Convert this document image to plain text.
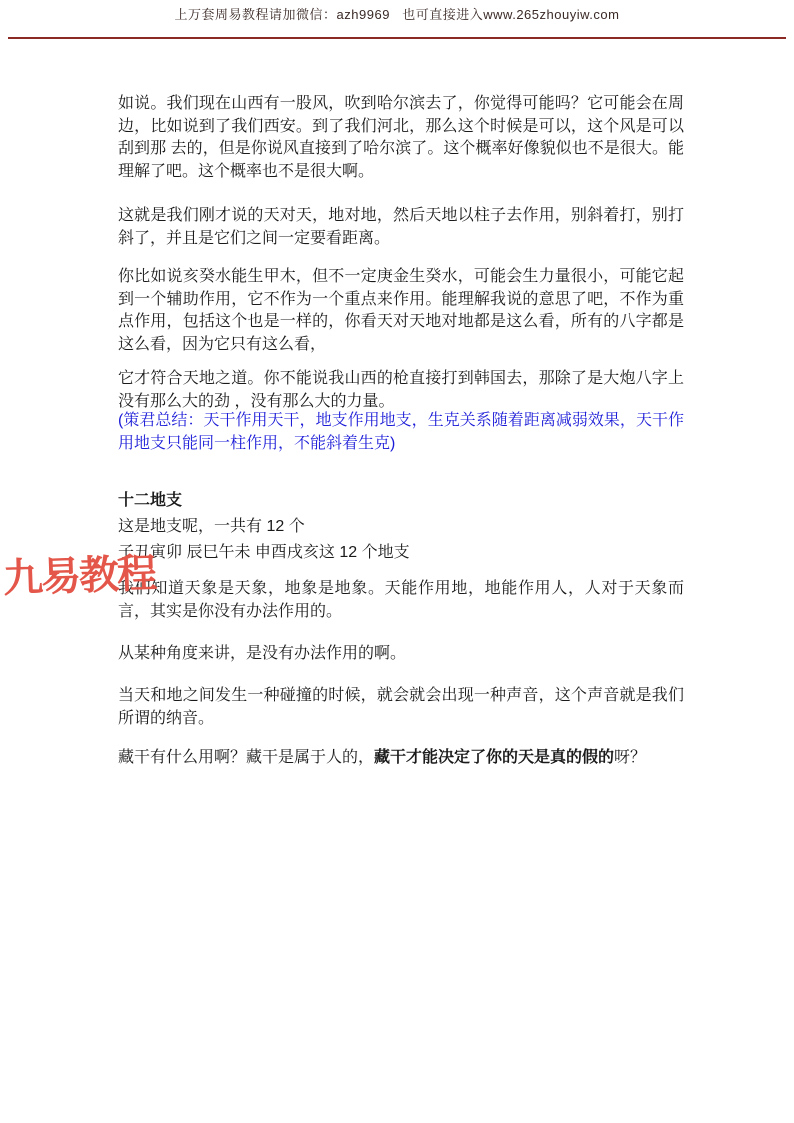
上万套周易教程请加微信：azh9969   也可直接进入www.265zhouyiw.com
如说。我们现在山西有一股风，吹到哈尔滨去了，你觉得可能吗？它可能会在周边，比如说到了我们西安。到了我们河北，那么这个时候是可以，这个风是可以刮到那 去的，但是你说风直接到了哈尔滨了。这个概率好像貌似也不是很大。能理解了吧。这个概率也不是很大啊。
这就是我们刚才说的天对天，地对地，然后天地以柱子去作用，别斜着打，别打斜了，并且是它们之间一定要看距离。
你比如说亥癸水能生甲木，但不一定庚金生癸水，可能会生力量很小，可能它起到一个辅助作用，它不作为一个重点来作用。能理解我说的意思了吧，不作为重点作用，包括这个也是一样的，你看天对天地对地都是这么看，所有的八字都是这么看，因为它只有这么看，
它才符合天地之道。你不能说我山西的枪直接打到韩国去，那除了是大炮八字上没有那么大的劲 ，没有那么大的力量。
(策君总结：天干作用天干，地支作用地支，生克关系随着距离减弱效果，天干作用地支只能同一柱作用，不能斜着生克)
十二地支
这是地支呢，一共有 12 个
子丑寅卯 辰巳午未 申酉戌亥这 12 个地支
我们知道天象是天象，地象是地象。天能作用地，地能作用人，人对于天象而言，其实是你没有办法作用的。
从某种角度来讲，是没有办法作用的啊。
当天和地之间发生一种碰撞的时候，就会就会出现一种声音，这个声音就是我们所谓的纳音。
藏干有什么用啊？藏干是属于人的，藏干才能决定了你的天是真的假的呀？
九易教程
